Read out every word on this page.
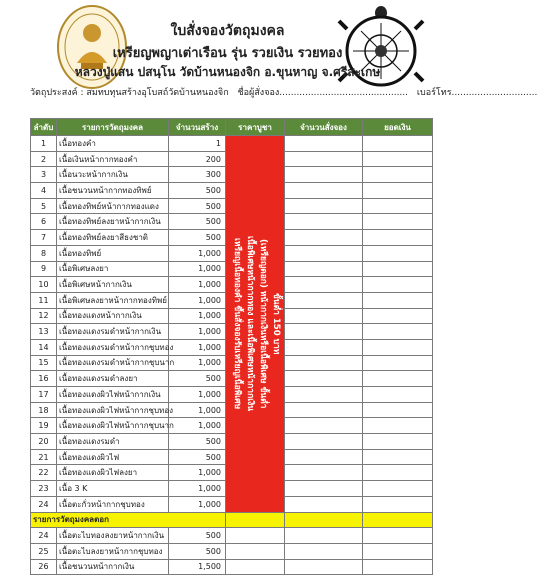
ใบสั่งจองวัตถุมงคล
เหรียญพญาเต่าเรือน รุ่น รวยเงิน รวยทอง
หลวงปู่แสน ปสนฺโน วัดบ้านหนองจิก อ.ขุนหาญ จ.ศรีสะเกษ
วัตถุประสงค์ : สมทบทุนสร้างอุโบสถ์วัดบ้านหนองจิก ชื่อผู้สั่งจอง............................................. เบอร์โทร..............................
ลำดับ	รายการวัตถุมงคล	จำนวนสร้าง	ราคาบูชา	จำนวนสั่งจอง	ยอดเงิน
1	เนื้อทองคำ	1	เหรียญเนื้อทองคำ ขึ้นสั่งจองรับเหรียญเนื้อพิเศษ เนื้อพิเศษหน้ากากทอง และเนื้อพิเศษหน้ากากเงิน (เหรียญตอก) หน้ากากเงินหรือเนื้อพิเศษ ขั้นต่ำ ขั้นต่ำ 150 บาท		

2	เนื้อเงินหน้ากากทองคำ	200			
3	เนื้อนวะหน้ากากเงิน	300			
4	เนื้อชนวนหน้ากากทองทิพย์	500			
5	เนื้อทองทิพย์หน้ากากทองแดง	500			
6	เนื้อทองทิพย์ลงยาหน้ากากเงิน	500			
7	เนื้อทองทิพย์ลงยาสีธงชาติ	500			
8	เนื้อทองทิพย์	1,000			
9	เนื้อพิเศษลงยา	1,000			
10	เนื้อพิเศษหน้ากากเงิน	1,000			
11	เนื้อพิเศษลงยาหน้ากากทองทิพย์	1,000			
12	เนื้อทองแดงหน้ากากเงิน	1,000			
13	เนื้อทองแดงรมดำหน้ากากเงิน	1,000			
14	เนื้อทองแดงรมดำหน้ากากชุบทอง	1,000			
15	เนื้อทองแดงรมดำหน้ากากชุบนาก	1,000			
16	เนื้อทองแดงรมดำลงยา	500			
17	เนื้อทองแดงผิวไฟหน้ากากเงิน	1,000			
18	เนื้อทองแดงผิวไฟหน้ากากชุบทอง	1,000			
19	เนื้อทองแดงผิวไฟหน้ากากชุบนาก	1,000			
20	เนื้อทองแดงรมดำ	500			
21	เนื้อทองแดงผิวไฟ	500			
22	เนื้อทองแดงผิวไฟลงยา	1,000			
23	เนื้อ 3 K	1,000			
24	เนื้อตะกั่วหน้ากากชุบทอง	1,000			
รายการวัตถุมงคลตอก					
24	เนื้อตะไบทองลงยาหน้ากากเงิน	500			
25	เนื้อตะไบลงยาหน้ากากชุบทอง	500			
26	เนื้อชนวนหน้ากากเงิน	1,500			
